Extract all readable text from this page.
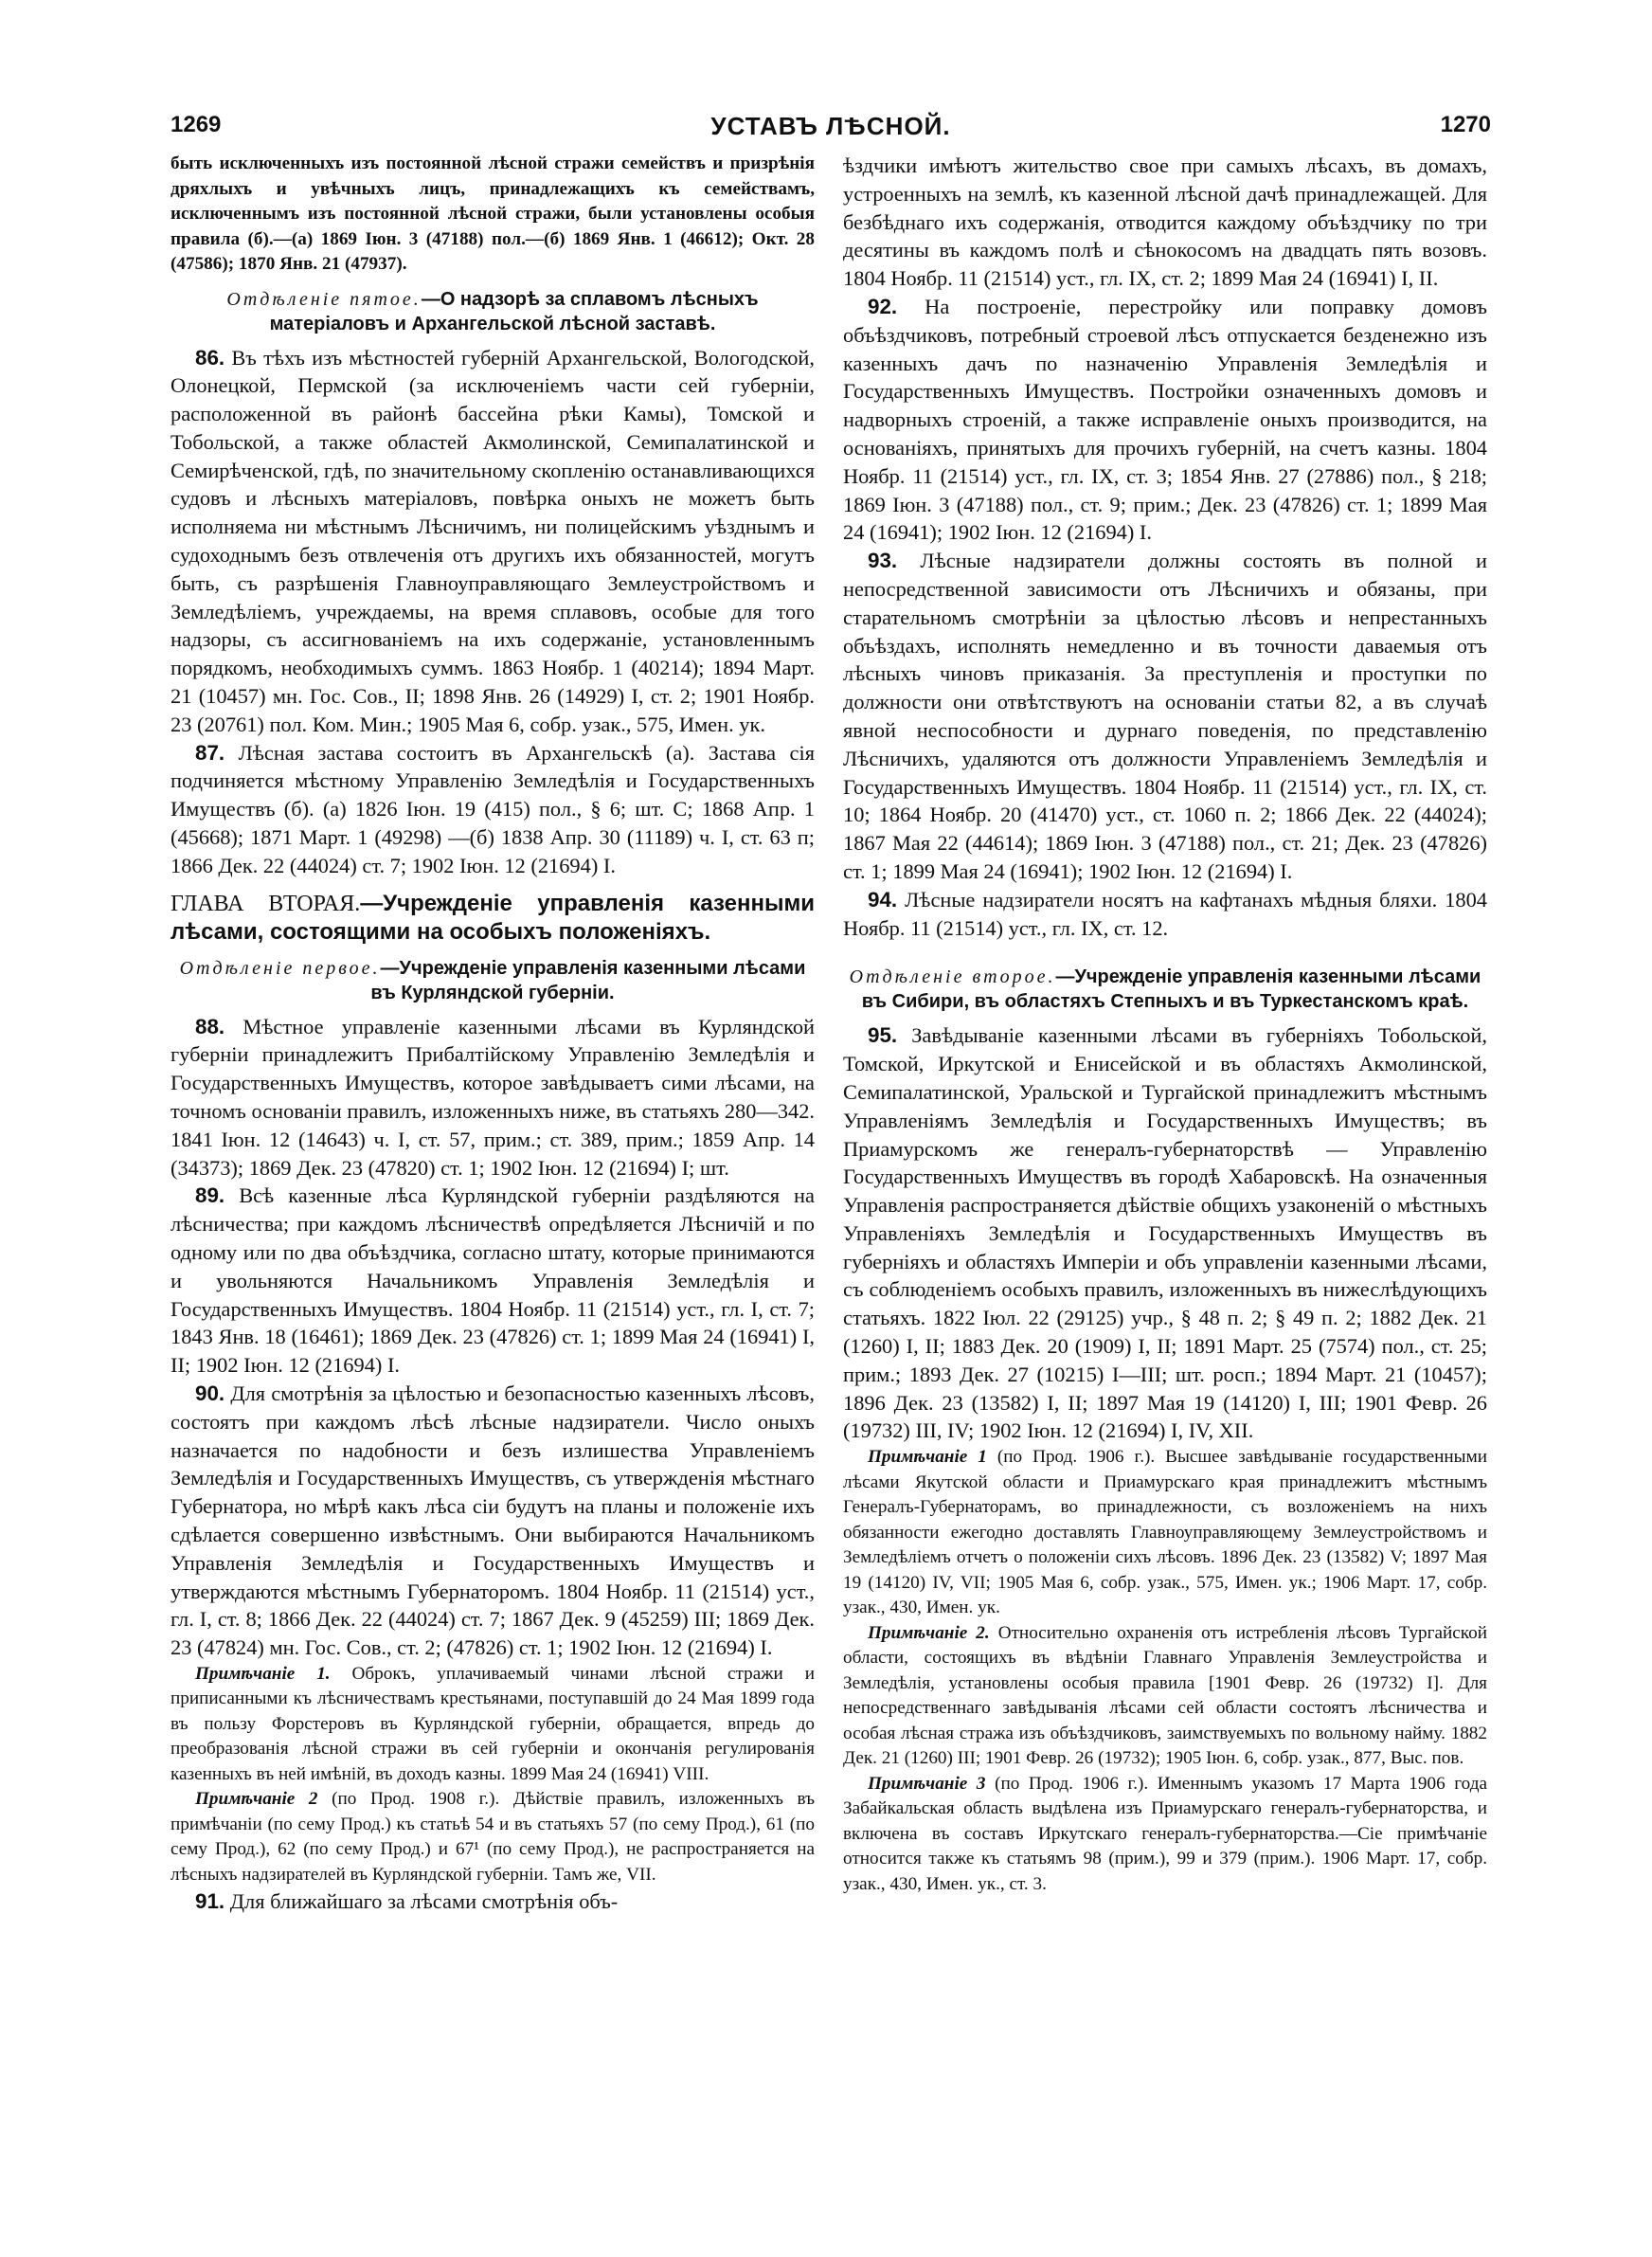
1269	УСТАВЪ ЛѢСНОЙ.	1270

быть исключенныхъ изъ постоянной лѣсной стражи семействъ и призрѣнія дряхлыхъ и увѣчныхъ лицъ, принадлежащихъ къ семействамъ, исключеннымъ изъ постоянной лѣсной стражи, были установлены особыя правила (б).—(а) 1869 Іюн. 3 (47188) пол.—(б) 1869 Янв. 1 (46612); Окт. 28 (47586); 1870 Янв. 21 (47937).

Отдѣленіе пятое.—О надзорѣ за сплавомъ лѣсныхъ матеріаловъ и Архангельской лѣсной заставѣ.

86. Въ тѣхъ изъ мѣстностей губерній Архангельской, Вологодской, Олонецкой, Пермской (за исключеніемъ части сей губерніи, расположенной въ районѣ бассейна рѣки Камы), Томской и Тобольской, а также областей Акмолинской, Семипалатинской и Семирѣченской, гдѣ, по значительному скопленію останавливающихся судовъ и лѣсныхъ матеріаловъ, повѣрка оныхъ не можетъ быть исполняема ни мѣстнымъ Лѣсничимъ, ни полицейскимъ уѣзднымъ и судоходнымъ безъ отвлеченія отъ другихъ ихъ обязанностей, могутъ быть, съ разрѣшенія Главноуправляющаго Землеустройствомъ и Земледѣліемъ, учреждаемы, на время сплавовъ, особые для того надзоры, съ ассигнованіемъ на ихъ содержаніе, установленнымъ порядкомъ, необходимыхъ суммъ. 1863 Ноябр. 1 (40214); 1894 Март. 21 (10457) мн. Гос. Сов., II; 1898 Янв. 26 (14929) I, ст. 2; 1901 Ноябр. 23 (20761) пол. Ком. Мин.; 1905 Мая 6, собр. узак., 575, Имен. ук.

87. Лѣсная застава состоитъ въ Архангельскѣ (а). Застава сія подчиняется мѣстному Управленію Земледѣлія и Государственныхъ Имуществъ (б). (а) 1826 Іюн. 19 (415) пол., § 6; шт. С; 1868 Апр. 1 (45668); 1871 Март. 1 (49298) —(б) 1838 Апр. 30 (11189) ч. I, ст. 63 п; 1866 Дек. 22 (44024) ст. 7; 1902 Іюн. 12 (21694) I.

ГЛАВА ВТОРАЯ.—Учрежденіе управленія казенными лѣсами, состоящими на особыхъ положеніяхъ.
Отдѣленіе первое.—Учрежденіе управленія казенными лѣсами въ Курляндской губерніи.

88. Мѣстное управленіе казенными лѣсами въ Курляндской губерніи принадлежитъ Прибалтійскому Управленію Земледѣлія и Государственныхъ Имуществъ, которое завѣдываетъ сими лѣсами, на точномъ основаніи правилъ, изложенныхъ ниже, въ статьяхъ 280—342. 1841 Іюн. 12 (14643) ч. I, ст. 57, прим.; ст. 389, прим.; 1859 Апр. 14 (34373); 1869 Дек. 23 (47820) ст. 1; 1902 Іюн. 12 (21694) I; шт.

89. Всѣ казенные лѣса Курляндской губерніи раздѣляются на лѣсничества; при каждомъ лѣсничествѣ опредѣляется Лѣсничій и по одному или по два объѣздчика, согласно штату, которые принимаются и увольняются Начальникомъ Управленія Земледѣлія и Государственныхъ Имуществъ. 1804 Ноябр. 11 (21514) уст., гл. I, ст. 7; 1843 Янв. 18 (16461); 1869 Дек. 23 (47826) ст. 1; 1899 Мая 24 (16941) I, II; 1902 Іюн. 12 (21694) I.

90. Для смотрѣнія за цѣлостью и безопасностью казенныхъ лѣсовъ, состоятъ при каждомъ лѣсѣ лѣсные надзиратели. Число оныхъ назначается по надобности и безъ излишества Управленіемъ Земледѣлія и Государственныхъ Имуществъ, съ утвержденія мѣстнаго Губернатора, но мѣрѣ какъ лѣса сіи будутъ на планы и положеніе ихъ сдѣлается совершенно извѣстнымъ. Они выбираются Начальникомъ Управленія Земледѣлія и Государственныхъ Имуществъ и утверждаются мѣстнымъ Губернаторомъ. 1804 Ноябр. 11 (21514) уст., гл. I, ст. 8; 1866 Дек. 22 (44024) ст. 7; 1867 Дек. 9 (45259) III; 1869 Дек. 23 (47824) мн. Гос. Сов., ст. 2; (47826) ст. 1; 1902 Іюн. 12 (21694) I.

Примѣчаніе 1. Оброкъ, уплачиваемый чинами лѣсной стражи и приписанными къ лѣсничествамъ крестьянами, поступавшій до 24 Мая 1899 года въ пользу Форстеровъ въ Курляндской губерніи, обращается, впредь до преобразованія лѣсной стражи въ сей губерніи и окончанія регулированія казенныхъ въ ней имѣній, въ доходъ казны. 1899 Мая 24 (16941) VIII.

Примѣчаніе 2 (по Прод. 1908 г.). Дѣйствіе правилъ, изложенныхъ въ примѣчаніи (по сему Прод.) къ статьѣ 54 и въ статьяхъ 57 (по сему Прод.), 61 (по сему Прод.), 62 (по сему Прод.) и 67¹ (по сему Прод.), не распространяется на лѣсныхъ надзирателей въ Курляндской губерніи. Тамъ же, VII.

91. Для ближайшаго за лѣсами смотрѣнія объ-

ѣздчики имѣютъ жительство свое при самыхъ лѣсахъ, въ домахъ, устроенныхъ на землѣ, къ казенной лѣсной дачѣ принадлежащей. Для безбѣднаго ихъ содержанія, отводится каждому объѣздчику по три десятины въ каждомъ полѣ и сѣнокосомъ на двадцать пять возовъ. 1804 Ноябр. 11 (21514) уст., гл. IX, ст. 2; 1899 Мая 24 (16941) I, II.

92. На построеніе, перестройку или поправку домовъ объѣздчиковъ, потребный строевой лѣсъ отпускается безденежно изъ казенныхъ дачъ по назначенію Управленія Земледѣлія и Государственныхъ Имуществъ. Постройки означенныхъ домовъ и надворныхъ строеній, а также исправленіе оныхъ производится, на основаніяхъ, принятыхъ для прочихъ губерній, на счетъ казны. 1804 Ноябр. 11 (21514) уст., гл. IX, ст. 3; 1854 Янв. 27 (27886) пол., § 218; 1869 Іюн. 3 (47188) пол., ст. 9; прим.; Дек. 23 (47826) ст. 1; 1899 Мая 24 (16941); 1902 Іюн. 12 (21694) I.

93. Лѣсные надзиратели должны состоять въ полной и непосредственной зависимости отъ Лѣсничихъ и обязаны, при старательномъ смотрѣніи за цѣлостью лѣсовъ и непрестанныхъ объѣздахъ, исполнять немедленно и въ точности даваемыя отъ лѣсныхъ чиновъ приказанія. За преступленія и проступки по должности они отвѣтствуютъ на основаніи статьи 82, а въ случаѣ явной неспособности и дурнаго поведенія, по представленію Лѣсничихъ, удаляются отъ должности Управленіемъ Земледѣлія и Государственныхъ Имуществъ. 1804 Ноябр. 11 (21514) уст., гл. IX, ст. 10; 1864 Ноябр. 20 (41470) уст., ст. 1060 п. 2; 1866 Дек. 22 (44024); 1867 Мая 22 (44614); 1869 Іюн. 3 (47188) пол., ст. 21; Дек. 23 (47826) ст. 1; 1899 Мая 24 (16941); 1902 Іюн. 12 (21694) I.

94. Лѣсные надзиратели носятъ на кафтанахъ мѣдныя бляхи. 1804 Ноябр. 11 (21514) уст., гл. IX, ст. 12.

Отдѣленіе второе.—Учрежденіе управленія казенными лѣсами въ Сибири, въ областяхъ Степныхъ и въ Туркестанскомъ краѣ.

95. Завѣдываніе казенными лѣсами въ губерніяхъ Тобольской, Томской, Иркутской и Енисейской и въ областяхъ Акмолинской, Семипалатинской, Уральской и Тургайской принадлежитъ мѣстнымъ Управленіямъ Земледѣлія и Государственныхъ Имуществъ; въ Приамурскомъ же генералъ-губернаторствѣ — Управленію Государственныхъ Имуществъ въ городѣ Хабаровскѣ. На означенныя Управленія распространяется дѣйствіе общихъ узаконеній о мѣстныхъ Управленіяхъ Земледѣлія и Государственныхъ Имуществъ въ губерніяхъ и областяхъ Имперіи и объ управленіи казенными лѣсами, съ соблюденіемъ особыхъ правилъ, изложенныхъ въ нижеслѣдующихъ статьяхъ. 1822 Іюл. 22 (29125) учр., § 48 п. 2; § 49 п. 2; 1882 Дек. 21 (1260) I, II; 1883 Дек. 20 (1909) I, II; 1891 Март. 25 (7574) пол., ст. 25; прим.; 1893 Дек. 27 (10215) I—III; шт. росп.; 1894 Март. 21 (10457); 1896 Дек. 23 (13582) I, II; 1897 Мая 19 (14120) I, III; 1901 Февр. 26 (19732) III, IV; 1902 Іюн. 12 (21694) I, IV, XII.

Примѣчаніе 1 (по Прод. 1906 г.). Высшее завѣдываніе государственными лѣсами Якутской области и Приамурскаго края принадлежитъ мѣстнымъ Генералъ-Губернаторамъ, во принадлежности, съ возложеніемъ на нихъ обязанности ежегодно доставлять Главноуправляющему Землеустройствомъ и Земледѣліемъ отчетъ о положеніи сихъ лѣсовъ. 1896 Дек. 23 (13582) V; 1897 Мая 19 (14120) IV, VII; 1905 Мая 6, собр. узак., 575, Имен. ук.; 1906 Март. 17, собр. узак., 430, Имен. ук.

Примѣчаніе 2. Относительно охраненія отъ истребленія лѣсовъ Тургайской области, состоящихъ въ вѣдѣніи Главнаго Управленія Землеустройства и Земледѣлія, установлены особыя правила [1901 Февр. 26 (19732) I]. Для непосредственнаго завѣдыванія лѣсами сей области состоятъ лѣсничества и особая лѣсная стража изъ объѣздчиковъ, заимствуемыхъ по вольному найму. 1882 Дек. 21 (1260) III; 1901 Февр. 26 (19732); 1905 Іюн. 6, собр. узак., 877, Выс. пов.

Примѣчаніе 3 (по Прод. 1906 г.). Именнымъ указомъ 17 Марта 1906 года Забайкальская область выдѣлена изъ Приамурскаго генералъ-губернаторства, и включена въ составъ Иркутскаго генералъ-губернаторства.—Сіе примѣчаніе относится также къ статьямъ 98 (прим.), 99 и 379 (прим.). 1906 Март. 17, собр. узак., 430, Имен. ук., ст. 3.
